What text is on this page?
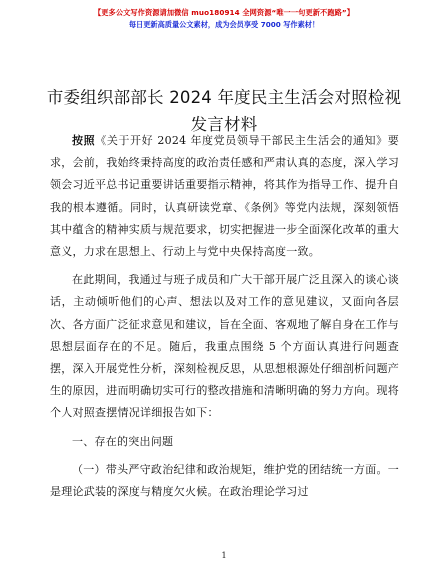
【更多公文写作资源请加微信 muo180914 全网资源“唯一一句更新不跑路”】
每日更新高质量公文素材，成为会员享受 7000 写作素材！
市委组织部部长 2024 年度民主生活会对照检视
发言材料

按照《关于开好 2024 年度党员领导干部民主生活会的通知》要求，会前，我始终秉持高度的政治责任感和严肃认真的态度，深入学习领会习近平总书记重要讲话重要指示精神，将其作为指导工作、提升自我的根本遵循。同时，认真研读党章、《条例》等党内法规，深刻领悟其中蕴含的精神实质与规范要求，切实把握进一步全面深化改革的重大意义，力求在思想上、行动上与党中央保持高度一致。

在此期间，我通过与班子成员和广大干部开展广泛且深入的谈心谈话，主动倾听他们的心声、想法以及对工作的意见建议，又面向各层次、各方面广泛征求意见和建议，旨在全面、客观地了解自身在工作与思想层面存在的不足。随后，我重点围绕 5 个方面认真进行问题查摆，深入开展党性分析，深刻检视反思，从思想根源处仔细剖析问题产生的原因，进而明确切实可行的整改措施和清晰明确的努力方向。现将个人对照查摆情况详细报告如下：

一、存在的突出问题

（一）带头严守政治纪律和政治规矩，维护党的团结统一方面。一是理论武装的深度与精度欠火候。在政治理论学习过

1
